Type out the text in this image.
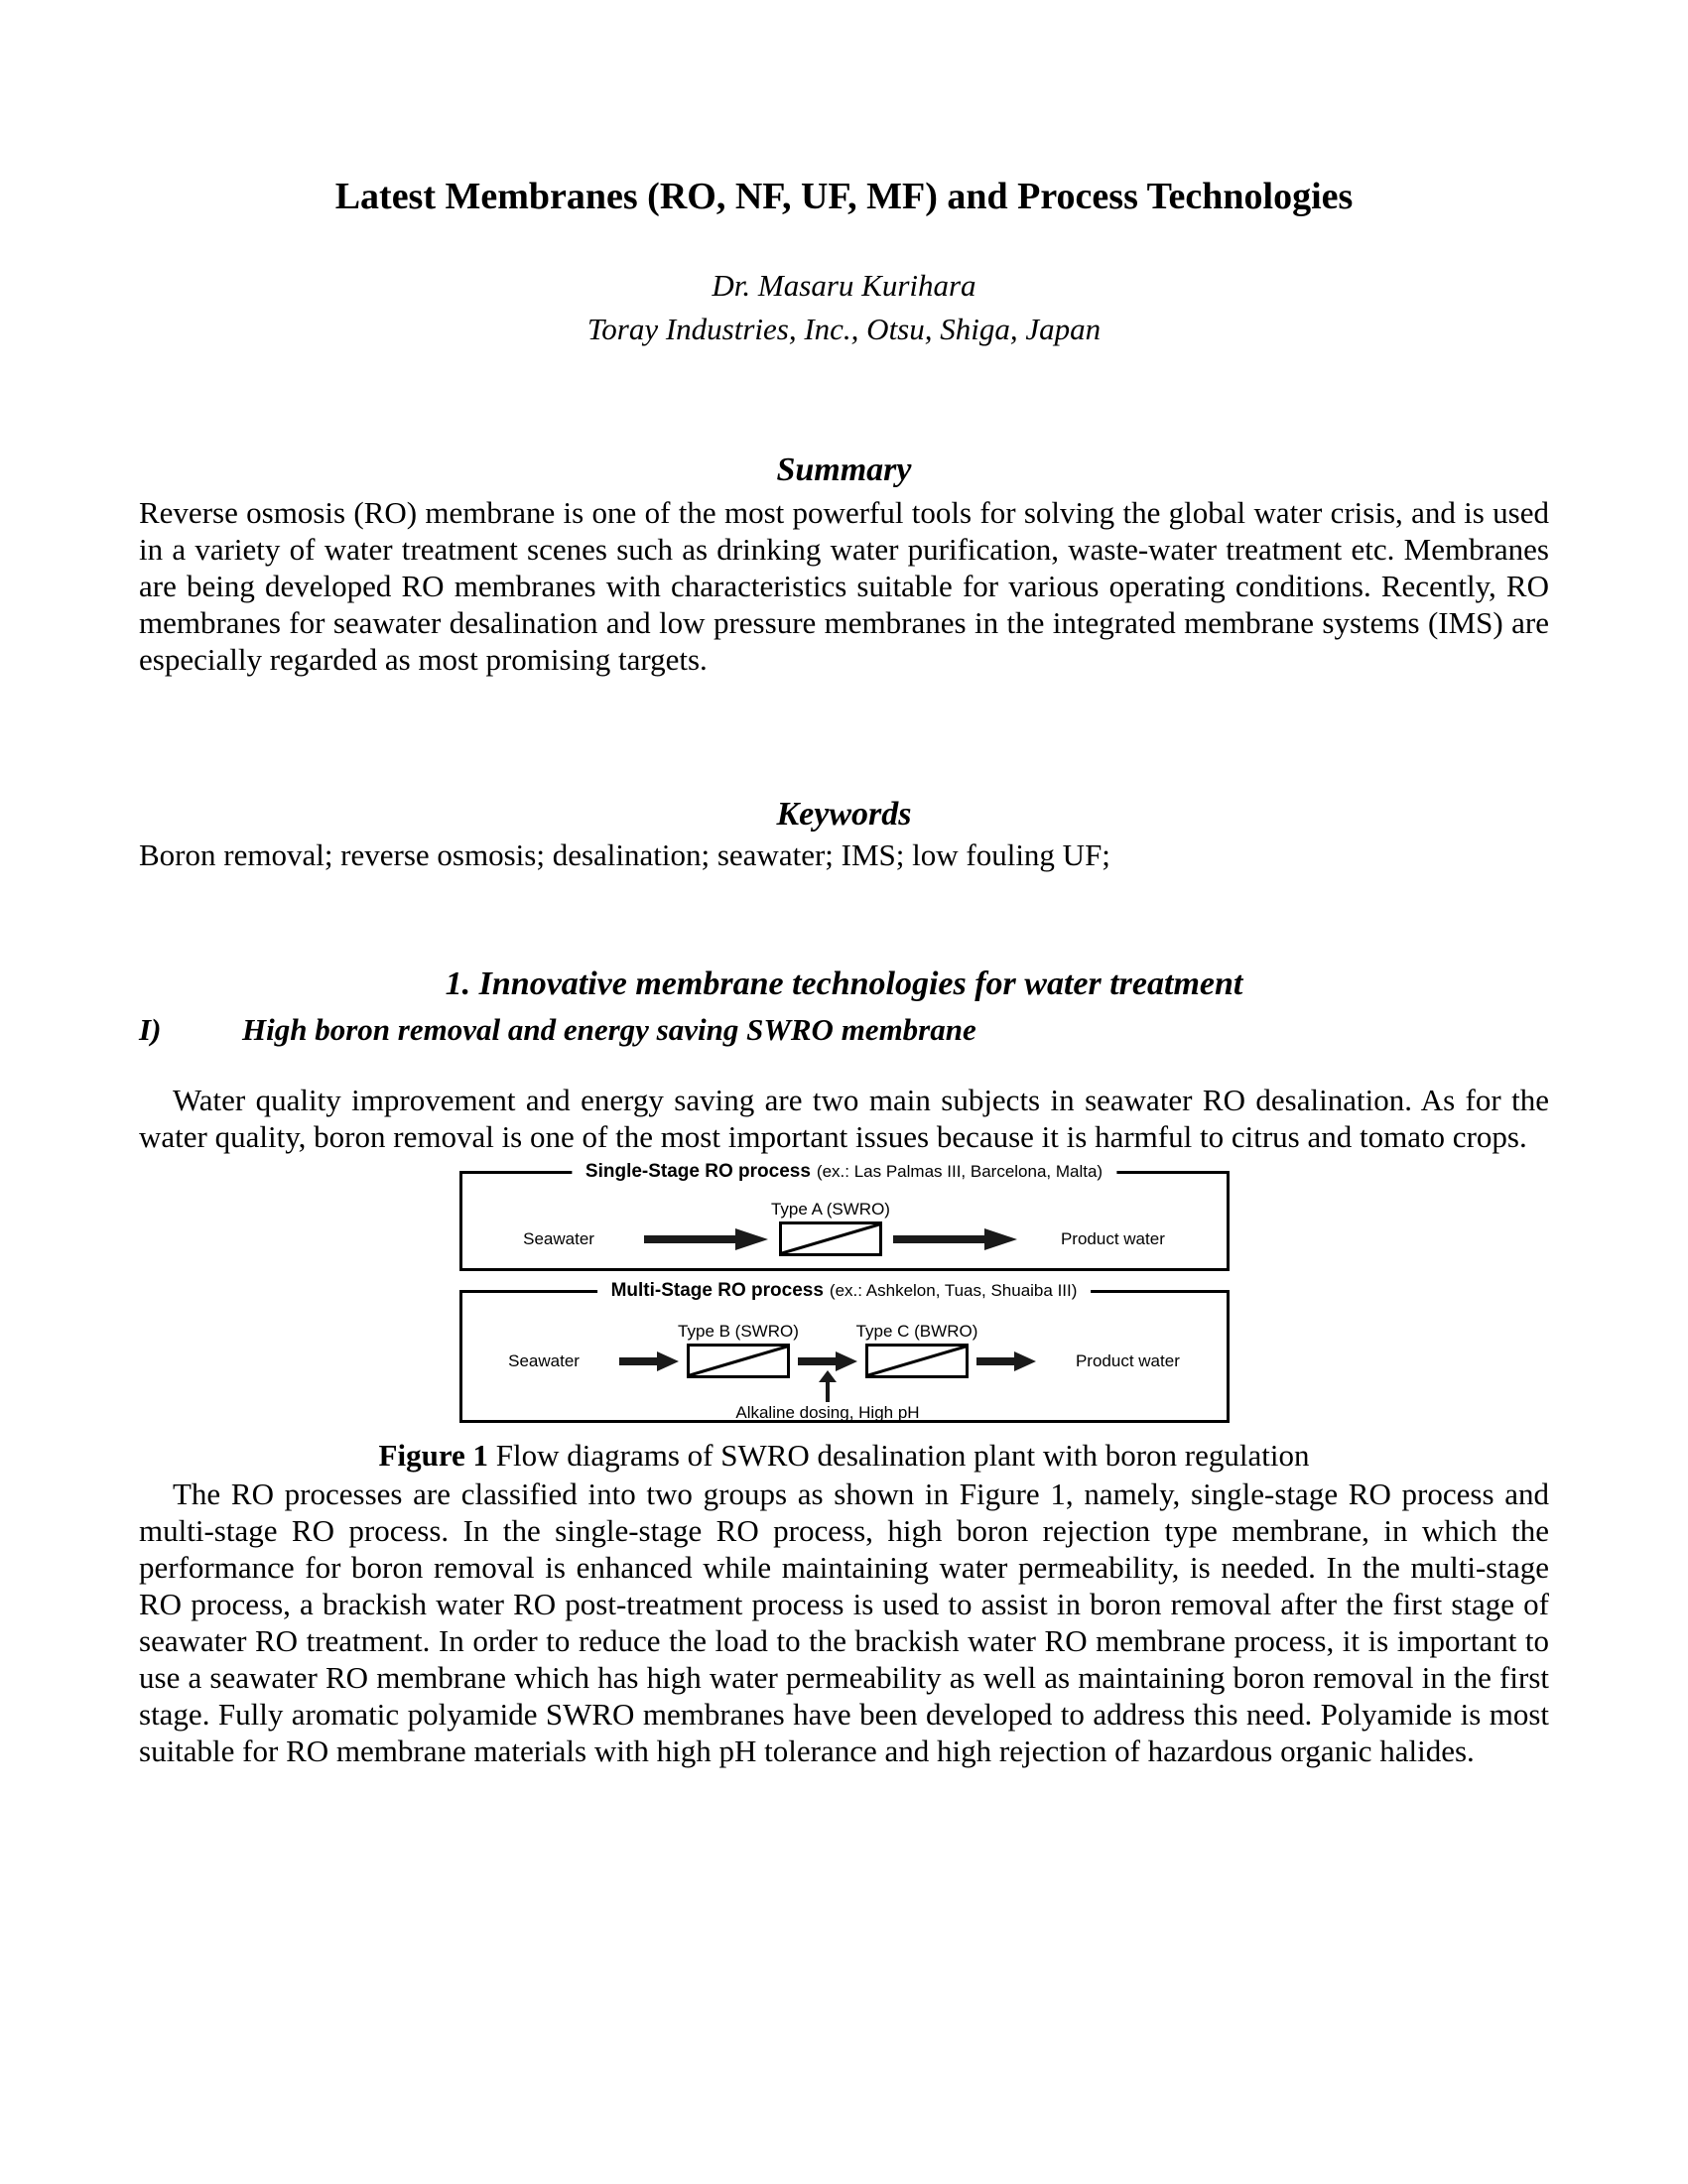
Latest Membranes (RO, NF, UF, MF) and Process Technologies
Dr. Masaru Kurihara
Toray Industries, Inc., Otsu, Shiga, Japan
Summary

Reverse osmosis (RO) membrane is one of the most powerful tools for solving the global water crisis, and is used in a variety of water treatment scenes such as drinking water purification, waste-water treatment etc. Membranes are being developed RO membranes with characteristics suitable for various operating conditions. Recently, RO membranes for seawater desalination and low pressure membranes in the integrated membrane systems (IMS) are especially regarded as most promising targets.

Keywords

Boron removal; reverse osmosis; desalination; seawater; IMS; low fouling UF;

1. Innovative membrane technologies for water treatment
I)	High boron removal and energy saving SWRO membrane

Water quality improvement and energy saving are two main subjects in seawater RO desalination. As for the water quality, boron removal is one of the most important issues because it is harmful to citrus and tomato crops.

Single-Stage RO process (ex.: Las Palmas III, Barcelona, Malta)
Seawater
Type A (SWRO)
Product water
Multi-Stage RO process (ex.: Ashkelon, Tuas, Shuaiba III)
Seawater
Type B (SWRO)
Alkaline dosing, High pH
Type C (BWRO)
Product water
Figure 1 Flow diagrams of SWRO desalination plant with boron regulation

The RO processes are classified into two groups as shown in Figure 1, namely, single-stage RO process and multi-stage RO process. In the single-stage RO process, high boron rejection type membrane, in which the performance for boron removal is enhanced while maintaining water permeability, is needed. In the multi-stage RO process, a brackish water RO post-treatment process is used to assist in boron removal after the first stage of seawater RO treatment. In order to reduce the load to the brackish water RO membrane process, it is important to use a seawater RO membrane which has high water permeability as well as maintaining boron removal in the first stage. Fully aromatic polyamide SWRO membranes have been developed to address this need. Polyamide is most suitable for RO membrane materials with high pH tolerance and high rejection of hazardous organic halides.
